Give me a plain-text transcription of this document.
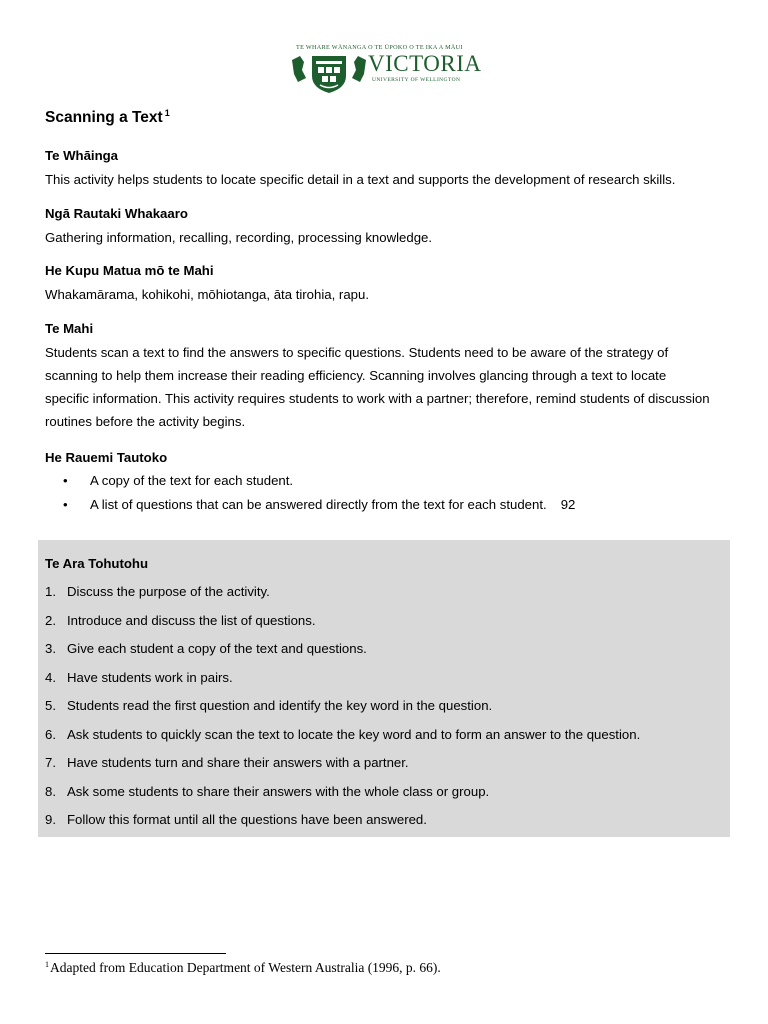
TE WHARE WĀNANGA O TE ŪPOKO O TE IKA A MĀUI
VICTORIA
UNIVERSITY OF WELLINGTON
Scanning a Text $^1$

Te Whāinga

This activity helps students to locate specific detail in a text and supports the development of research skills.

Ngā Rautaki Whakaaro

Gathering information, recalling, recording, processing knowledge.

He Kupu Matua mō te Mahi

Whakamārama, kohikohi, mōhiotanga, āta tirohia, rapu.

Te Mahi

Students scan a text to find the answers to specific questions. Students need to be aware of the strategy of scanning to help them increase their reading efficiency. Scanning involves glancing through a text to locate specific information. This activity requires students to work with a partner; therefore, remind students of discussion routines before the activity begins.

He Rauemi Tautoko

• A copy of the text for each student.
• A list of questions that can be answered directly from the text for each student. 92

Te Ara Tohutohu

1. Discuss the purpose of the activity.
2. Introduce and discuss the list of questions.
3. Give each student a copy of the text and questions.
4. Have students work in pairs.
5. Students read the first question and identify the key word in the question.
6. Ask students to quickly scan the text to locate the key word and to form an answer to the question.
7. Have students turn and share their answers with a partner.
8. Ask some students to share their answers with the whole class or group.
9. Follow this format until all the questions have been answered.
$^1$Adapted from Education Department of Western Australia (1996, p. 66).
